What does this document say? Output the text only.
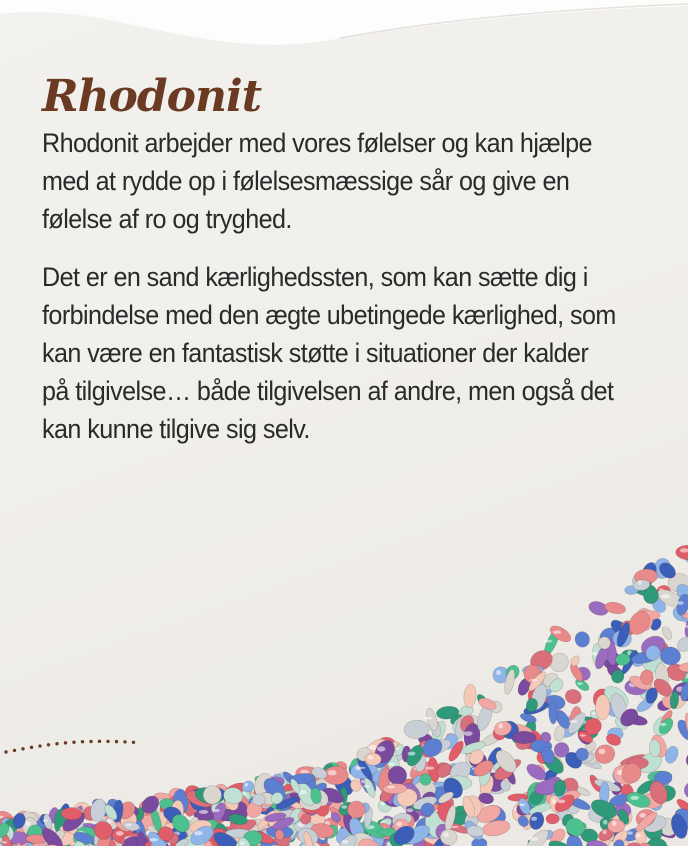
Rhodonit

Rhodonit arbejder med vores følelser og kan hjælpe
med at rydde op i følelsesmæssige sår og give en
følelse af ro og tryghed.

Det er en sand kærlighedssten, som kan sætte dig i
forbindelse med den ægte ubetingede kærlighed, som
kan være en fantastisk støtte i situationer der kalder
på tilgivelse… både tilgivelsen af andre, men også det
kan kunne tilgive sig selv.
